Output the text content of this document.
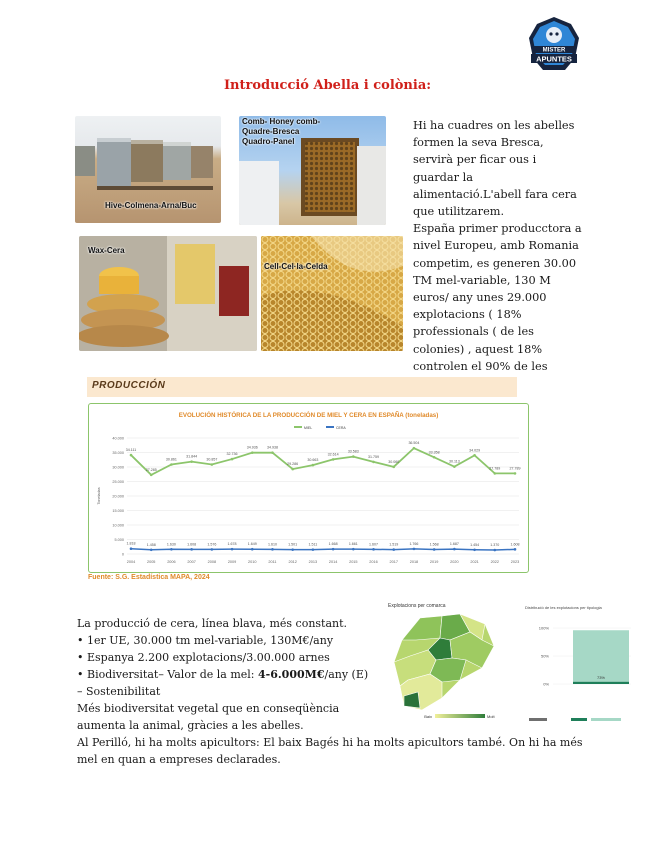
MISTER
APUNTES
Introducció Abella i colònia:
Hive-Colmena-Arna/Buc
Comb- Honey comb-
Quadre-Bresca
Quadro-Panel
Wax-Cera
Cell-Cel·la-Celda

Hi ha cuadres on les abelles formen la seva Bresca, servirà per ficar ous i guardar la alimentació.L'abell fara cera que utilitzarem.

España primer producctora a nivel Europeu, amb Romania competim, es generen 30.00 TM mel-variable, 130 M euros/ any unes 29.000 explotacions ( 18% professionals ( de les colonies) , aquest 18% controlen el 90% de les

PRODUCCIÓN
EVOLUCIÓN HISTÓRICA DE LA PRODUCCIÓN DE MIEL Y CERA EN ESPAÑA (toneladas)
MIEL	CERA
40.000
35.000
30.000
25.000
20.000
15.000
10.000
5.000
0
Toneladas
2004	2005	2006	2007	2008	2009	2010	2011	2012	2013	2014	2015	2016	2017	2018	2019	2020	2021	2022	2023
34.111
27.285
30.861
31.844
30.857
32.736
34.936	34.938
29.286
30.663
32.614
33.583
31.759
30.060
36.504
33.358
30.113
34.029
27.789	27.789
1.818	1.458	1.630	1.608	1.576	1.678	1.649	1.610	1.501	1.511	1.668	1.661	1.607	1.519	1.766	1.568	1.687	1.454	1.370	1.608
Fuente: S.G. Estadística MAPA, 2024

La producció de cera, línea blava, més constant.

• 1er UE, 30.000 tm mel-variable, 130M€/any

• Espanya 2.200 explotacions/3.00.000 arnes

• Biodiversitat– Valor de la mel: 4-6.000M€/any (E)

– Sostenibilitat

Més biodiversitat vegetal que en conseqüència

aumenta la animal, gràcies a les abelles.

Al Perilló, hi ha molts apicultors: El baix Bagés hi ha molts apicultors també. On hi ha més

mel en quan a empreses declarades.

Explotacions per comarca
Baix	Molt
Distribució de les explotacions per tipologia
100%
50%
0%
73%
